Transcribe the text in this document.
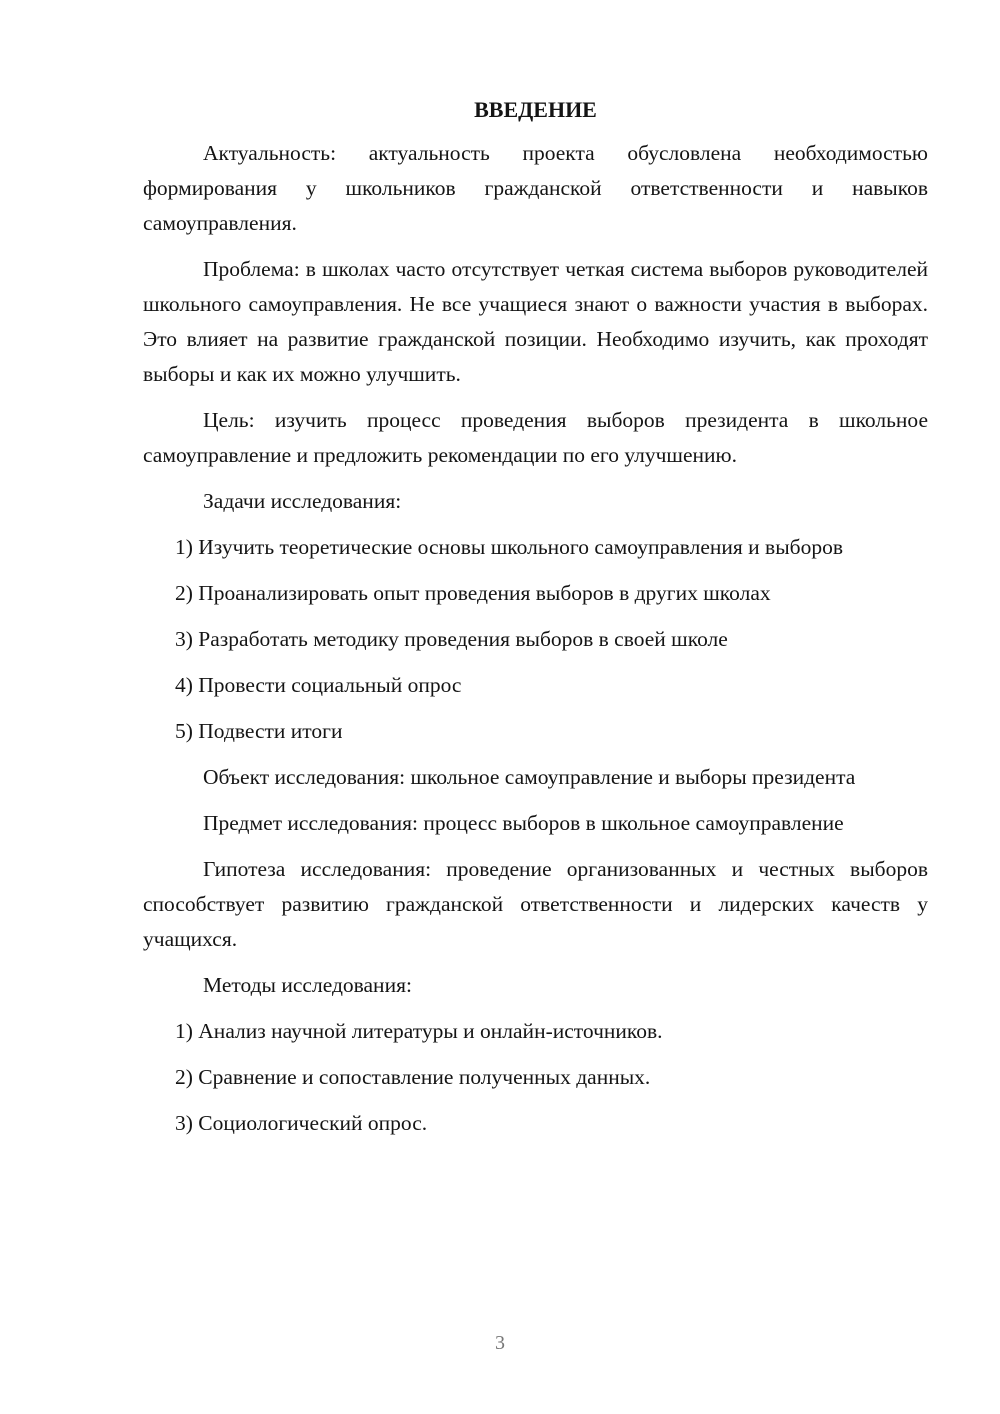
ВВЕДЕНИЕ

Актуальность: актуальность проекта обусловлена необходимостью формирования у школьников гражданской ответственности и навыков самоуправления.

Проблема: в школах часто отсутствует четкая система выборов руководителей школьного самоуправления. Не все учащиеся знают о важности участия в выборах. Это влияет на развитие гражданской позиции. Необходимо изучить, как проходят выборы и как их можно улучшить.

Цель: изучить процесс проведения выборов президента в школьное самоуправление и предложить рекомендации по его улучшению.

Задачи исследования:

1) Изучить теоретические основы школьного самоуправления и выборов

2) Проанализировать опыт проведения выборов в других школах

3) Разработать методику проведения выборов в своей школе

4) Провести социальный опрос

5) Подвести итоги

Объект исследования: школьное самоуправление и выборы президента

Предмет исследования: процесс выборов в школьное самоуправление

Гипотеза исследования: проведение организованных и честных выборов способствует развитию гражданской ответственности и лидерских качеств у учащихся.

Методы исследования:

1) Анализ научной литературы и онлайн-источников.

2) Сравнение и сопоставление полученных данных.

3) Социологический опрос.

3
